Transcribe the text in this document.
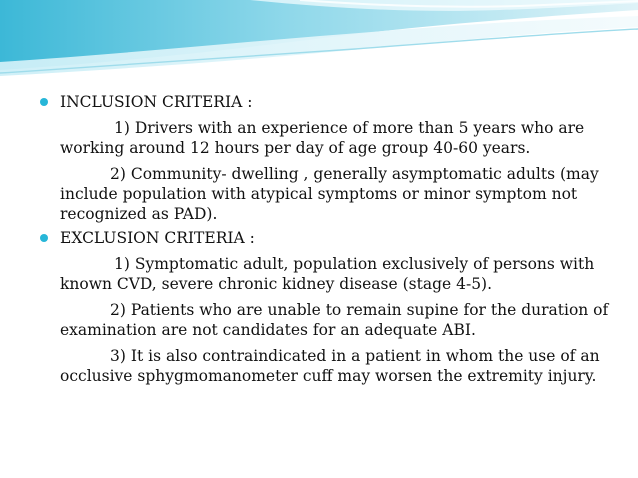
INCLUSION CRITERIA :

1) Drivers with an experience of more than 5 years who are working around 12 hours per day of age group 40-60 years.

2) Community- dwelling , generally asymptomatic adults (may include population with atypical symptoms or minor symptom not recognized as PAD).

EXCLUSION CRITERIA :

1) Symptomatic adult, population exclusively of persons with known CVD, severe chronic kidney disease (stage 4-5).

2) Patients who are unable to remain supine for the duration of examination are not candidates for an adequate ABI.

3) It is also contraindicated in a patient in whom the use of an occlusive sphygmomanometer cuff may worsen the extremity injury.
